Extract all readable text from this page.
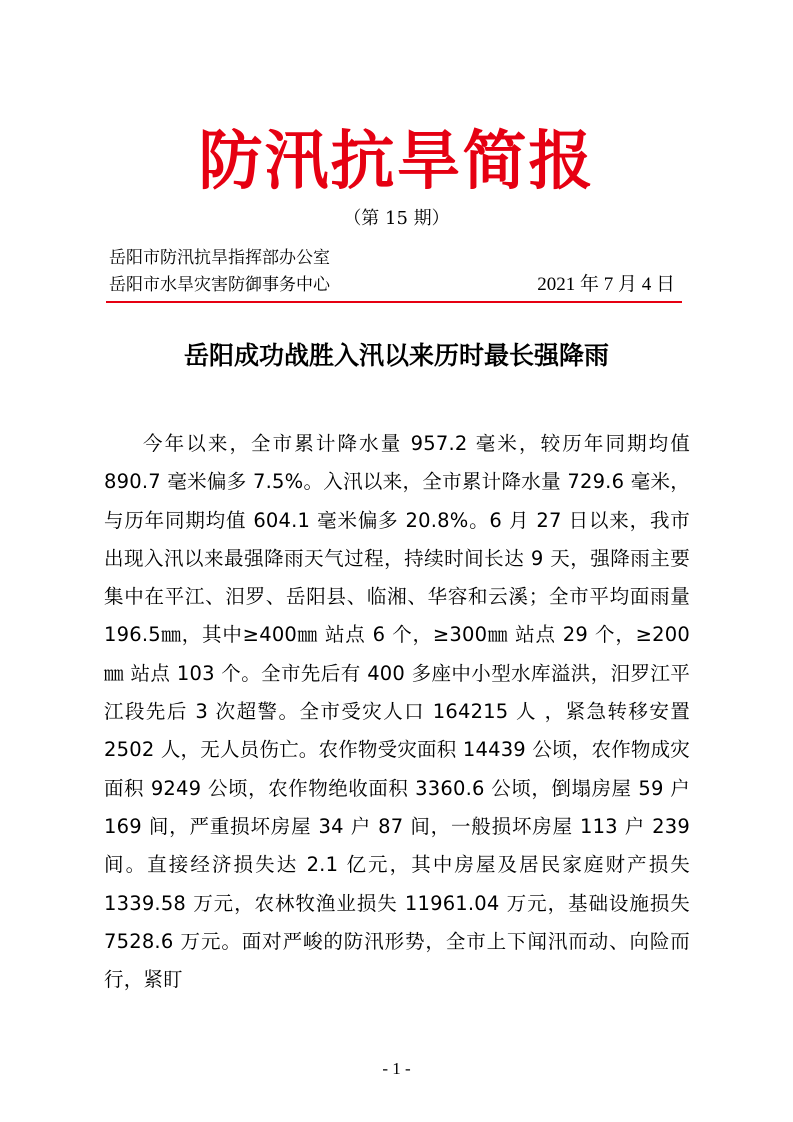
防汛抗旱简报
（第 15 期）
岳阳市防汛抗旱指挥部办公室
岳阳市水旱灾害防御事务中心	2021 年 7 月 4 日
岳阳成功战胜入汛以来历时最长强降雨

今年以来，全市累计降水量 957.2 毫米，较历年同期均值 890.7 毫米偏多 7.5%。入汛以来，全市累计降水量 729.6 毫米，与历年同期均值 604.1 毫米偏多 20.8%。6 月 27 日以来，我市出现入汛以来最强降雨天气过程，持续时间长达 9 天，强降雨主要集中在平江、汨罗、岳阳县、临湘、华容和云溪；全市平均面雨量 196.5㎜，其中≥400㎜ 站点 6 个，≥300㎜ 站点 29 个，≥200㎜ 站点 103 个。全市先后有 400 多座中小型水库溢洪，汨罗江平江段先后 3 次超警。全市受灾人口 164215 人 ，紧急转移安置 2502 人，无人员伤亡。农作物受灾面积 14439 公顷，农作物成灾面积 9249 公顷，农作物绝收面积 3360.6 公顷，倒塌房屋 59 户 169 间，严重损坏房屋 34 户 87 间，一般损坏房屋 113 户 239 间。直接经济损失达 2.1 亿元，其中房屋及居民家庭财产损失 1339.58 万元，农林牧渔业损失 11961.04 万元，基础设施损失 7528.6 万元。面对严峻的防汛形势，全市上下闻汛而动、向险而行，紧盯

- 1 -
